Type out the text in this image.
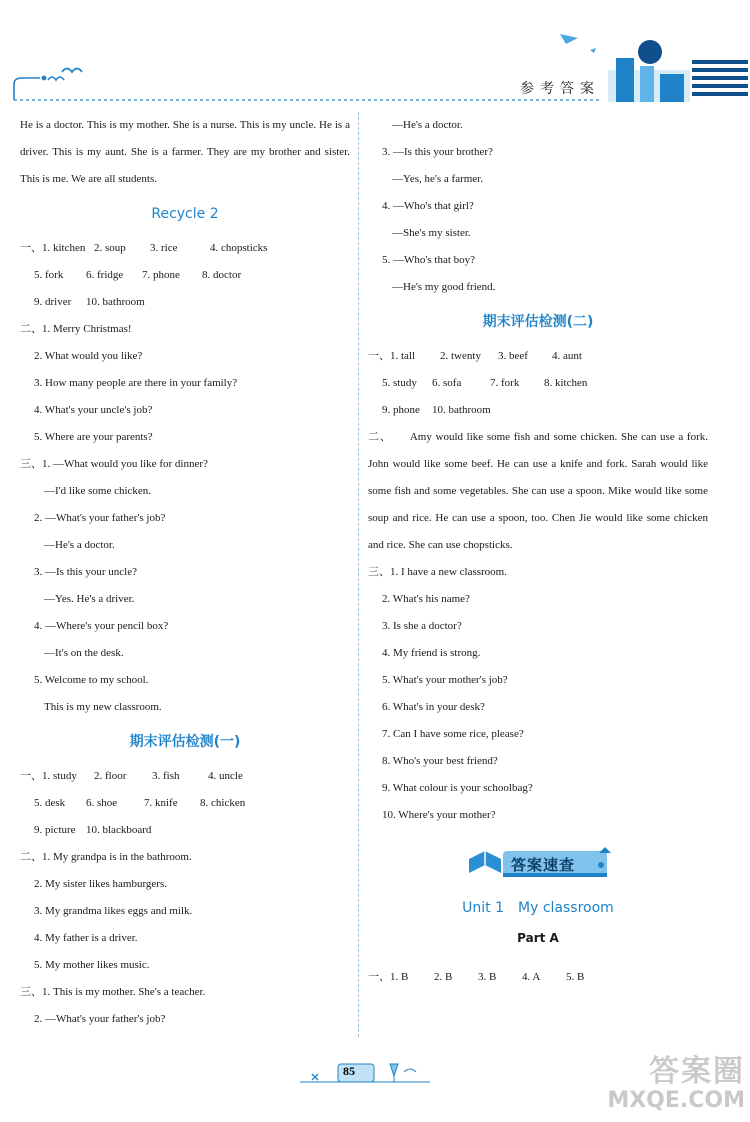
参考答案
He is a doctor. This is my mother. She is a nurse. This is my uncle. He is a driver. This is my aunt. She is a farmer. They are my brother and sister. This is me. We are all students.
Recycle 2
一、1. kitchen 2. soup 3. rice	4. chopsticks
5. fork 6. fridge 7. phone 8. doctor
9. driver 10. bathroom
二、1. Merry Christmas!
2. What would you like?
3. How many people are there in your family?
4. What's your uncle's job?
5. Where are your parents?
三、1. —What would you like for dinner?
—I'd like some chicken.
2. —What's your father's job?
—He's a doctor.
3. —Is this your uncle?
—Yes. He's a driver.
4. —Where's your pencil box?
—It's on the desk.
5. Welcome to my school.
This is my new classroom.
期末评估检测(一)
一、1. study 2. floor 3. fish	4. uncle
5. desk 6. shoe 7. knife 8. chicken
9. picture 10. blackboard
二、1. My grandpa is in the bathroom.
2. My sister likes hamburgers.
3. My grandma likes eggs and milk.
4. My father is a driver.
5. My mother likes music.
三、1. This is my mother. She's a teacher.
2. —What's your father's job?
—He's a doctor.
3. —Is this your brother?
—Yes, he's a farmer.
4. —Who's that girl?
—She's my sister.
5. —Who's that boy?
—He's my good friend.
期末评估检测(二)
一、1. tall 2. twenty 3. beef 4. aunt
5. study 6. sofa	7. fork 8. kitchen
9. phone 10. bathroom
二、 Amy would like some fish and some chicken. She can use a fork. John would like some beef. He can use a knife and fork. Sarah would like some fish and some vegetables. She can use a spoon. Mike would like some soup and rice. He can use a spoon, too. Chen Jie would like some chicken and rice. She can use chopsticks.
三、1. I have a new classroom.
2. What's his name?
3. Is she a doctor?
4. My friend is strong.
5. What's your mother's job?
6. What's in your desk?
7. Can I have some rice, please?
8. Who's your best friend?
9. What colour is your schoolbag?
10. Where's your mother?
答案速查
Unit 1　My classroom
Part A
一、1. B 2. B 3. B 4. A 5. B
85	答案圈
MXQE.COM
